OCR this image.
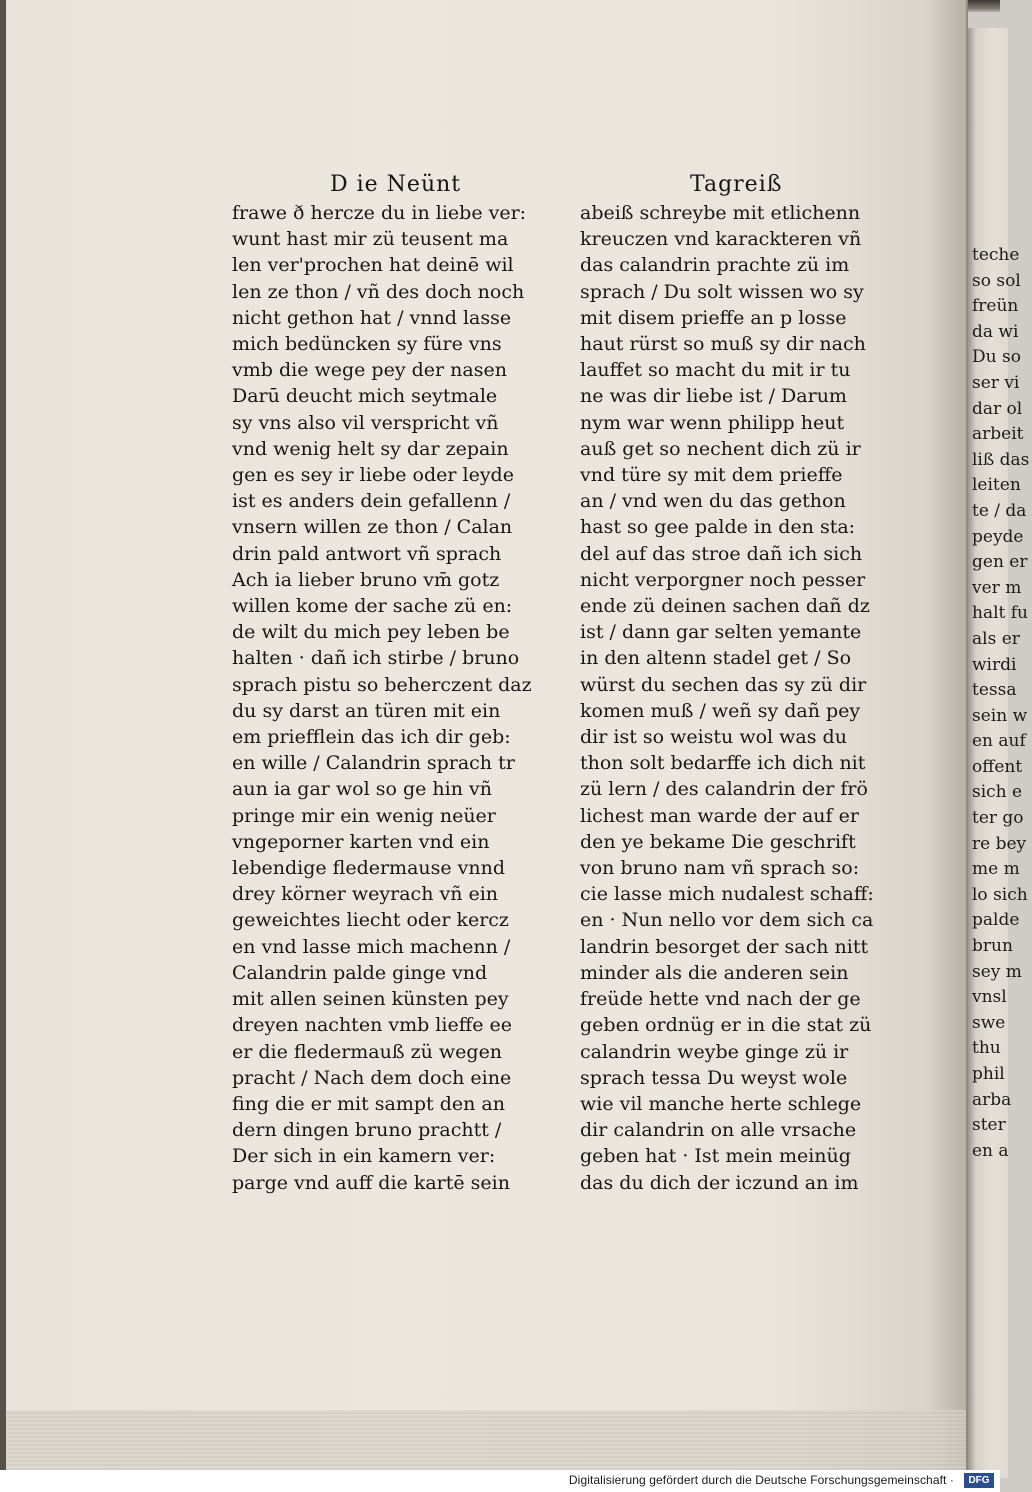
teche
so sol
freün
da wi
Du so
ser vi
dar ol
arbeit
liß das
leiten
te / da
peyde
gen er
ver m
halt fu
als er
wirdi
tessa
sein w
en auf
offent
sich e
ter go
re bey
me m
lo sich
palde
brun
sey m
vnsl
swe
thu
phil
arba
ster
en a
D ie Neünt	Tagreiß
frawe ð hercze du in liebe ver:
wunt hast mir zü teusent ma
len ver'prochen hat deinē wil
len ze thon / vñ des doch noch
nicht gethon hat / vnnd lasse
mich bedüncken sy füre vns
vmb die wege pey der nasen
Darū deucht mich seytmale
sy vns also vil verspricht vñ
vnd wenig helt sy dar zepain
gen es sey ir liebe oder leyde
ist es anders dein gefallenn /
vnsern willen ze thon / Calan
drin pald antwort vñ sprach
Ach ia lieber bruno vm̄ gotz
willen kome der sache zü en:
de wilt du mich pey leben be
halten · dañ ich stirbe / bruno
sprach pistu so beherczent daz
du sy darst an türen mit ein
em priefflein das ich dir geb:
en wille / Calandrin sprach tr
aun ia gar wol so ge hin vñ
pringe mir ein wenig neüer
vngeporner karten vnd ein
lebendige fledermause vnnd
drey körner weyrach vñ ein
geweichtes liecht oder kercz
en vnd lasse mich machenn /
Calandrin palde ginge vnd
mit allen seinen künsten pey
dreyen nachten vmb lieffe ee
er die fledermauß zü wegen
pracht / Nach dem doch eine
fing die er mit sampt den an
dern dingen bruno prachtt /
Der sich in ein kamern ver:
parge vnd auff die kartē sein
abeiß schreybe mit etlichenn
kreuczen vnd karackteren vñ
das calandrin prachte zü im
sprach / Du solt wissen wo sy
mit disem prieffe an p losse
haut rürst so muß sy dir nach
lauffet so macht du mit ir tu
ne was dir liebe ist / Darum
nym war wenn philipp heut
auß get so nechent dich zü ir
vnd türe sy mit dem prieffe
an / vnd wen du das gethon
hast so gee palde in den sta:
del auf das stroe dañ ich sich
nicht verporgner noch pesser
ende zü deinen sachen dañ dz
ist / dann gar selten yemante
in den altenn stadel get / So
würst du sechen das sy zü dir
komen muß / weñ sy dañ pey
dir ist so weistu wol was du
thon solt bedarffe ich dich nit
zü lern / des calandrin der frö
lichest man warde der auf er
den ye bekame Die geschrift
von bruno nam vñ sprach so:
cie lasse mich nudalest schaff:
en · Nun nello vor dem sich ca
landrin besorget der sach nitt
minder als die anderen sein
freüde hette vnd nach der ge
geben ordnüg er in die stat zü
calandrin weybe ginge zü ir
sprach tessa Du weyst wole
wie vil manche herte schlege
dir calandrin on alle vrsache
geben hat · Ist mein meinüg
das du dich der iczund an im
Digitalisierung gefördert durch die Deutsche Forschungsgemeinschaft ·	DFG
